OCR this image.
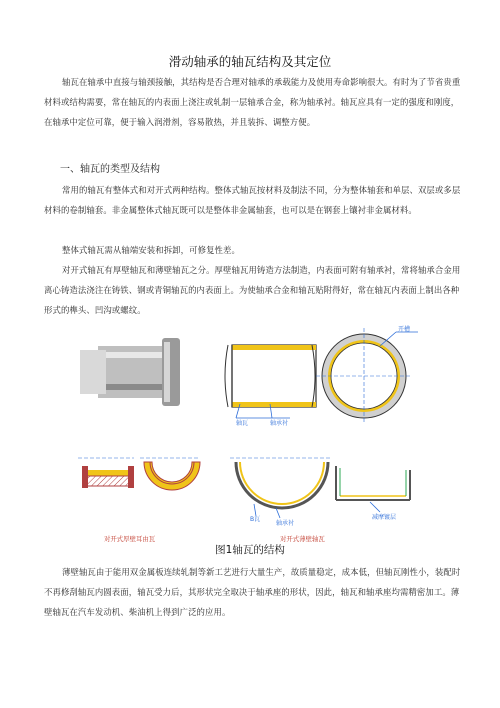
滑动轴承的轴瓦结构及其定位

轴瓦在轴承中直接与轴颈接触，其结构是否合理对轴承的承载能力及使用寿命影响很大。有时为了节省贵重材料或结构需要，常在轴瓦的内表面上浇注或轧制一层轴承合金，称为轴承衬。轴瓦应具有一定的强度和刚度，在轴承中定位可靠，便于输入润滑剂，容易散热，并且装拆、调整方便。

一、轴瓦的类型及结构

常用的轴瓦有整体式和对开式两种结构。整体式轴瓦按材料及制法不同，分为整体轴套和单层、双层或多层材料的卷制轴套。非金属整体式轴瓦既可以是整体非金属轴套，也可以是在钢套上镶衬非金属材料。

整体式轴瓦需从轴端安装和拆卸，可修复性差。

对开式轴瓦有厚壁轴瓦和薄壁轴瓦之分。厚壁轴瓦用铸造方法制造，内表面可附有轴承衬，常将轴承合金用离心铸造法浇注在铸铁、钢或青铜轴瓦的内表面上。为使轴承合金和轴瓦贴附得好，常在轴瓦内表面上制出各种形式的榫头、凹沟或螺纹。

开槽
轴瓦	轴承衬
B瓦
轴承衬
减摩镀层
对开式厚壁耳由瓦	对开式薄壁轴瓦
图1轴瓦的结构

薄壁轴瓦由于能用双金属板连续轧制等新工艺进行大量生产，故质量稳定，成本低，但轴瓦刚性小，装配时不再修刮轴瓦内圆表面，轴瓦受力后，其形状完全取决于轴承座的形状，因此，轴瓦和轴承座均需精密加工。薄壁轴瓦在汽车发动机、柴油机上得到广泛的应用。
